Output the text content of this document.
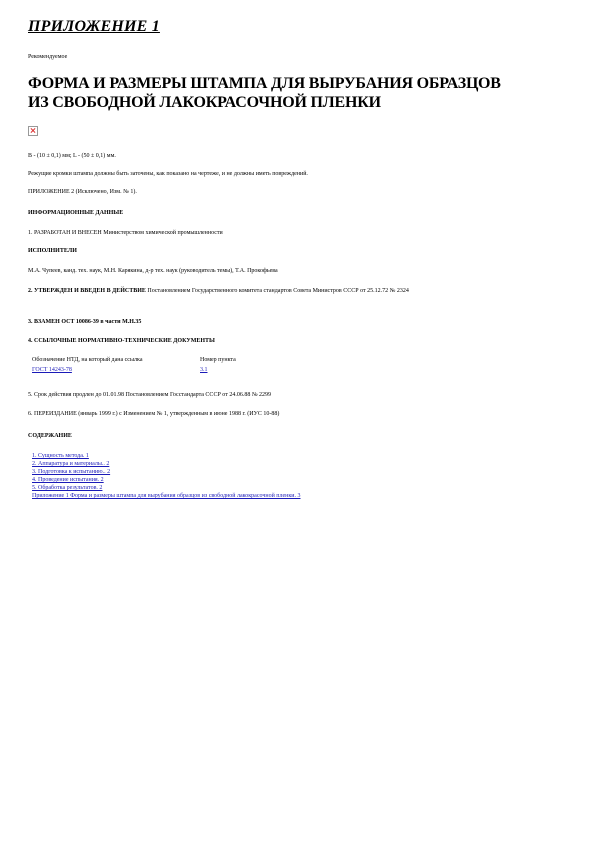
ПРИЛОЖЕНИЕ 1
Рекомендуемое
ФОРМА И РАЗМЕРЫ ШТАМПА ДЛЯ ВЫРУБАНИЯ ОБРАЗЦОВ
ИЗ СВОБОДНОЙ ЛАКОКРАСОЧНОЙ ПЛЕНКИ

B - (10 ± 0,1) мм; L - (50 ± 0,1) мм.

Режущие кромки штампа должны быть заточены, как показано на чертеже, и не должны иметь повреждений.

ПРИЛОЖЕНИЕ 2 (Исключено, Изм. № 1).

ИНФОРМАЦИОННЫЕ ДАННЫЕ

1. РАЗРАБОТАН И ВНЕСЕН Министерством химической промышленности

ИСПОЛНИТЕЛИ

М.А. Чупеев, канд. тех. наук, М.Н. Карякина, д-р тех. наук (руководитель темы), Т.А. Прокофьева

2. УТВЕРЖДЕН И ВВЕДЕН В ДЕЙСТВИЕ Постановлением Государственного комитета стандартов Совета Министров СССР от 25.12.72 № 2324

3. ВЗАМЕН ОСТ 10086-39 в части М.Н.35

4. ССЫЛОЧНЫЕ НОРМАТИВНО-ТЕХНИЧЕСКИЕ ДОКУМЕНТЫ

Обозначение НТД, на который дана ссылка	Номер пункта
ГОСТ 14243-78	3.1

5. Срок действия продлен до 01.01.98 Постановлением Госстандарта СССР от 24.06.88 № 2299

6. ПЕРЕИЗДАНИЕ (январь 1999 г.) с Изменением № 1, утвержденным в июне 1988 г. (ИУС 10-88)

СОДЕРЖАНИЕ

1. Сущность метода. 1
2. Аппаратура и материалы.. 2
3. Подготовка к испытанию.. 2
4. Проведение испытания. 2
5. Обработка результатов. 2
Приложение 1 Форма и размеры штампа для вырубания образцов из свободной лакокрасочной пленки. 3
